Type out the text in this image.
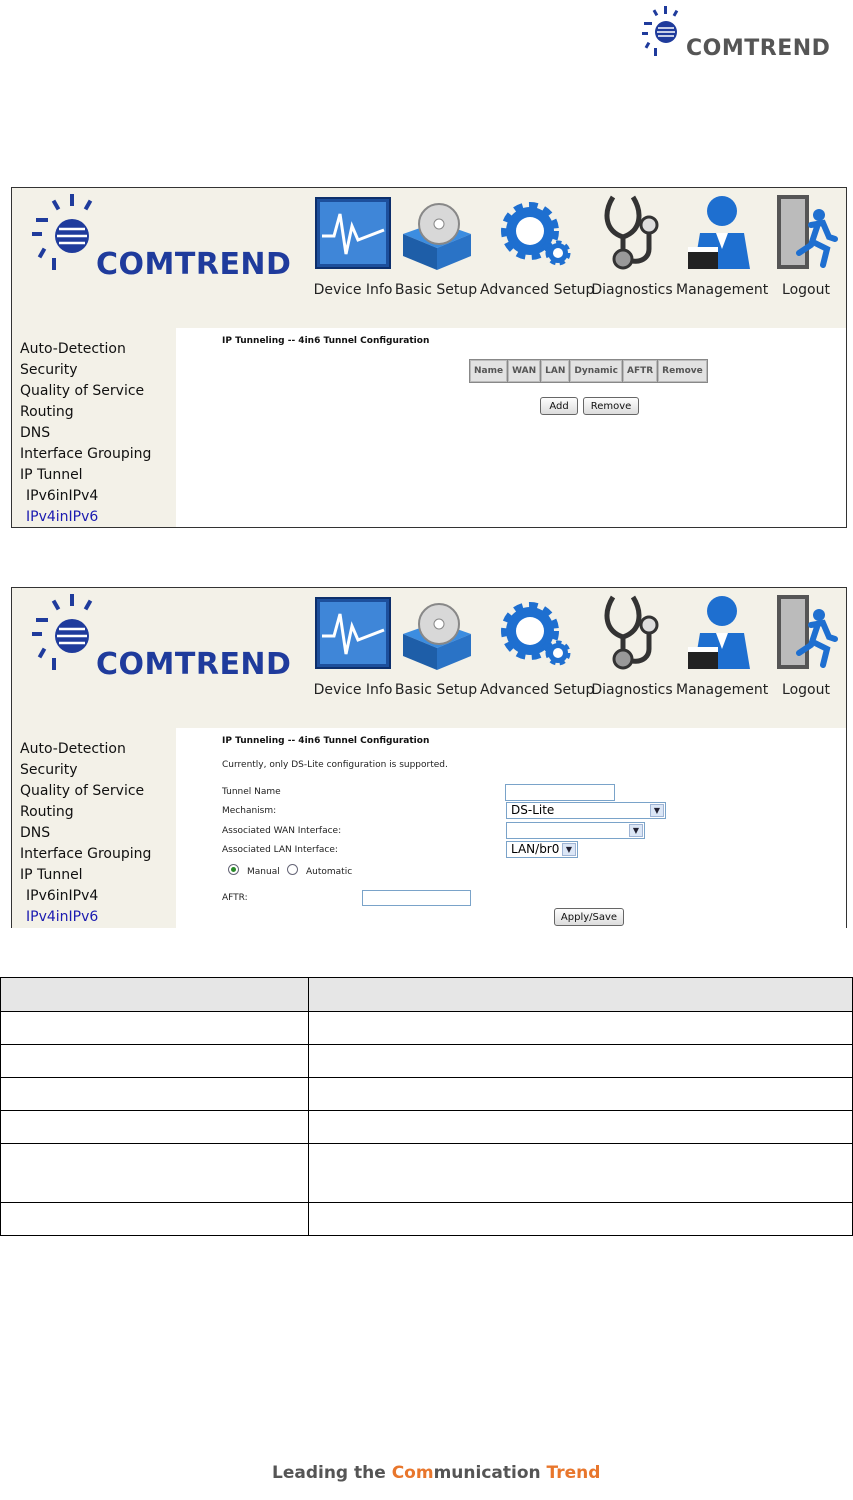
COMTREND
COMTREND
Device Info Basic Setup Advanced Setup
Diagnostics Management Logout
Auto-Detection
Security
Quality of Service
Routing
DNS
Interface Grouping
IP Tunnel
IPv6inIPv4
IPv4inIPv6
IP Tunneling -- 4in6 Tunnel Configuration
Name	WAN	LAN	Dynamic	AFTR	Remove
Add	Remove
COMTREND
Device Info Basic Setup Advanced Setup
Diagnostics Management Logout
Auto-Detection
Security
Quality of Service
Routing
DNS
Interface Grouping
IP Tunnel
IPv6inIPv4
IPv4inIPv6
IP Tunneling -- 4in6 Tunnel Configuration
Currently, only DS-Lite configuration is supported.
Tunnel Name
Mechanism:	DS-Lite	▼
Associated WAN Interface:	▼
Associated LAN Interface:	LAN/br0 ▼
Manual	Automatic
AFTR:
Apply/Save

Leading the Communication Trend
